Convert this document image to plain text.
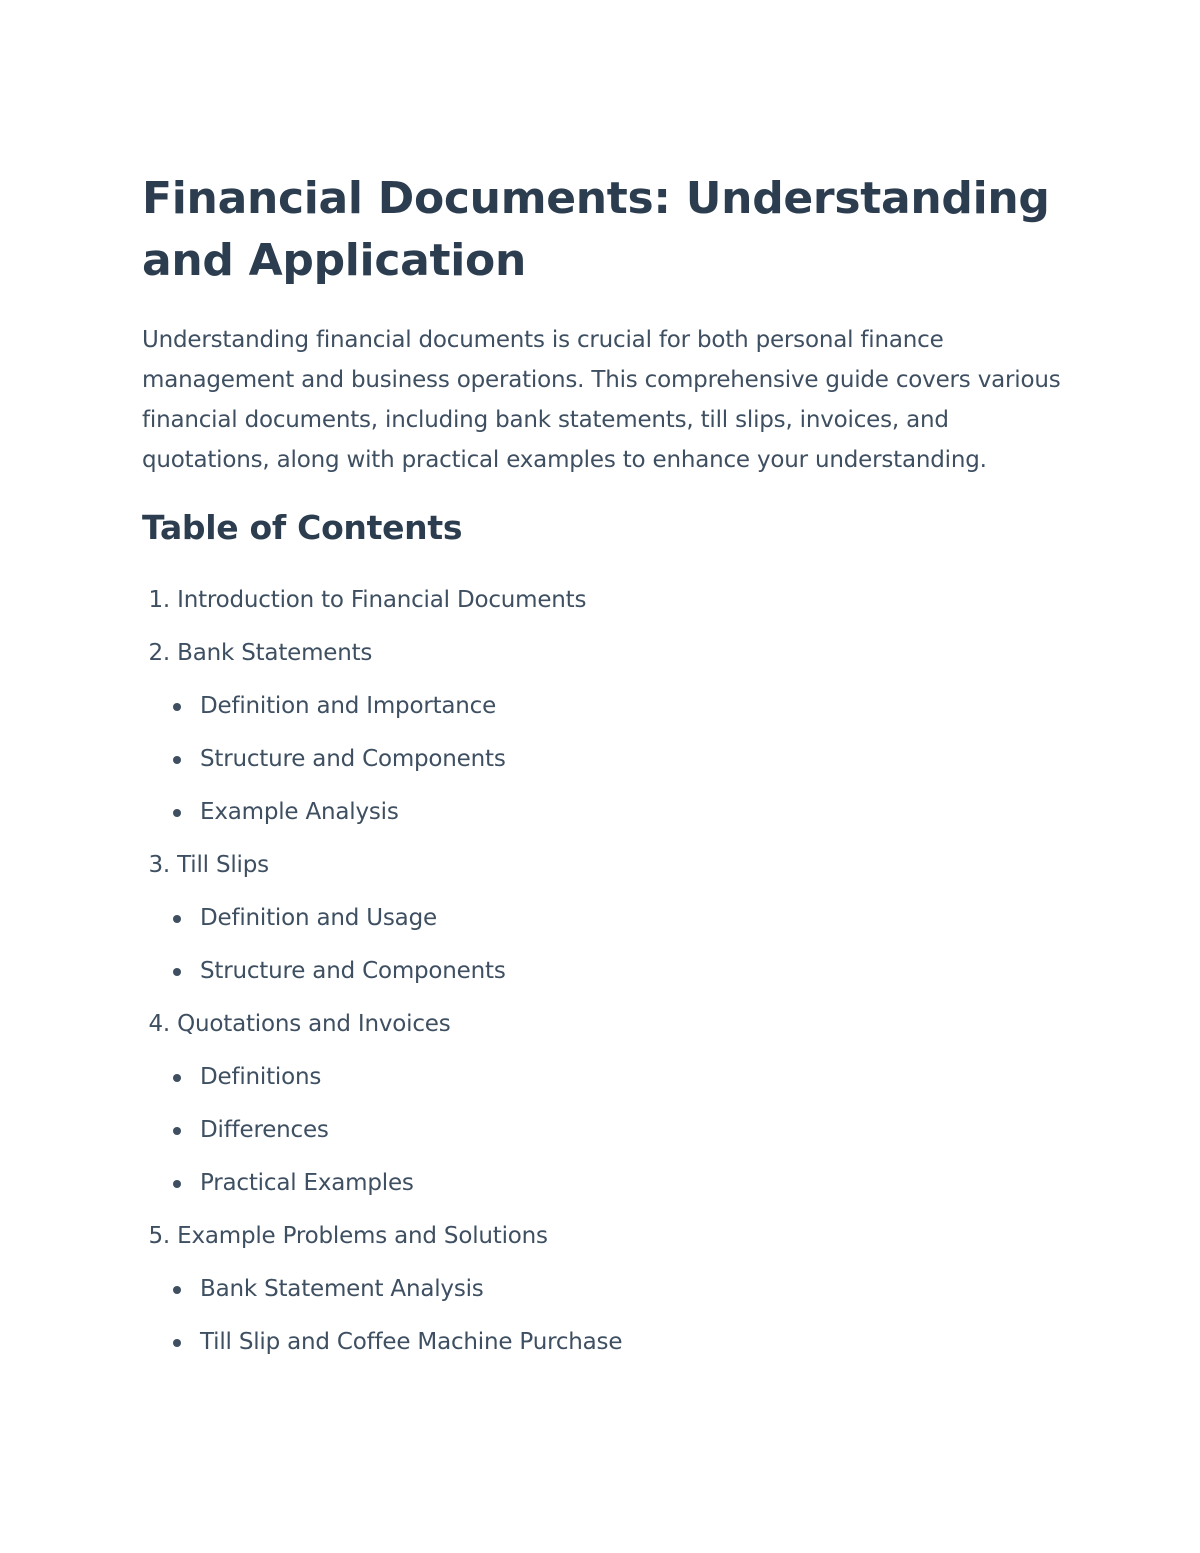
Financial Documents: Understanding and Application

Understanding financial documents is crucial for both personal finance management and business operations. This comprehensive guide covers various financial documents, including bank statements, till slips, invoices, and quotations, along with practical examples to enhance your understanding.

Table of Contents
1. Introduction to Financial Documents
2. Bank Statements
Definition and Importance
Structure and Components
Example Analysis
3. Till Slips
Definition and Usage
Structure and Components
4. Quotations and Invoices
Definitions
Differences
Practical Examples
5. Example Problems and Solutions
Bank Statement Analysis
Till Slip and Coffee Machine Purchase
